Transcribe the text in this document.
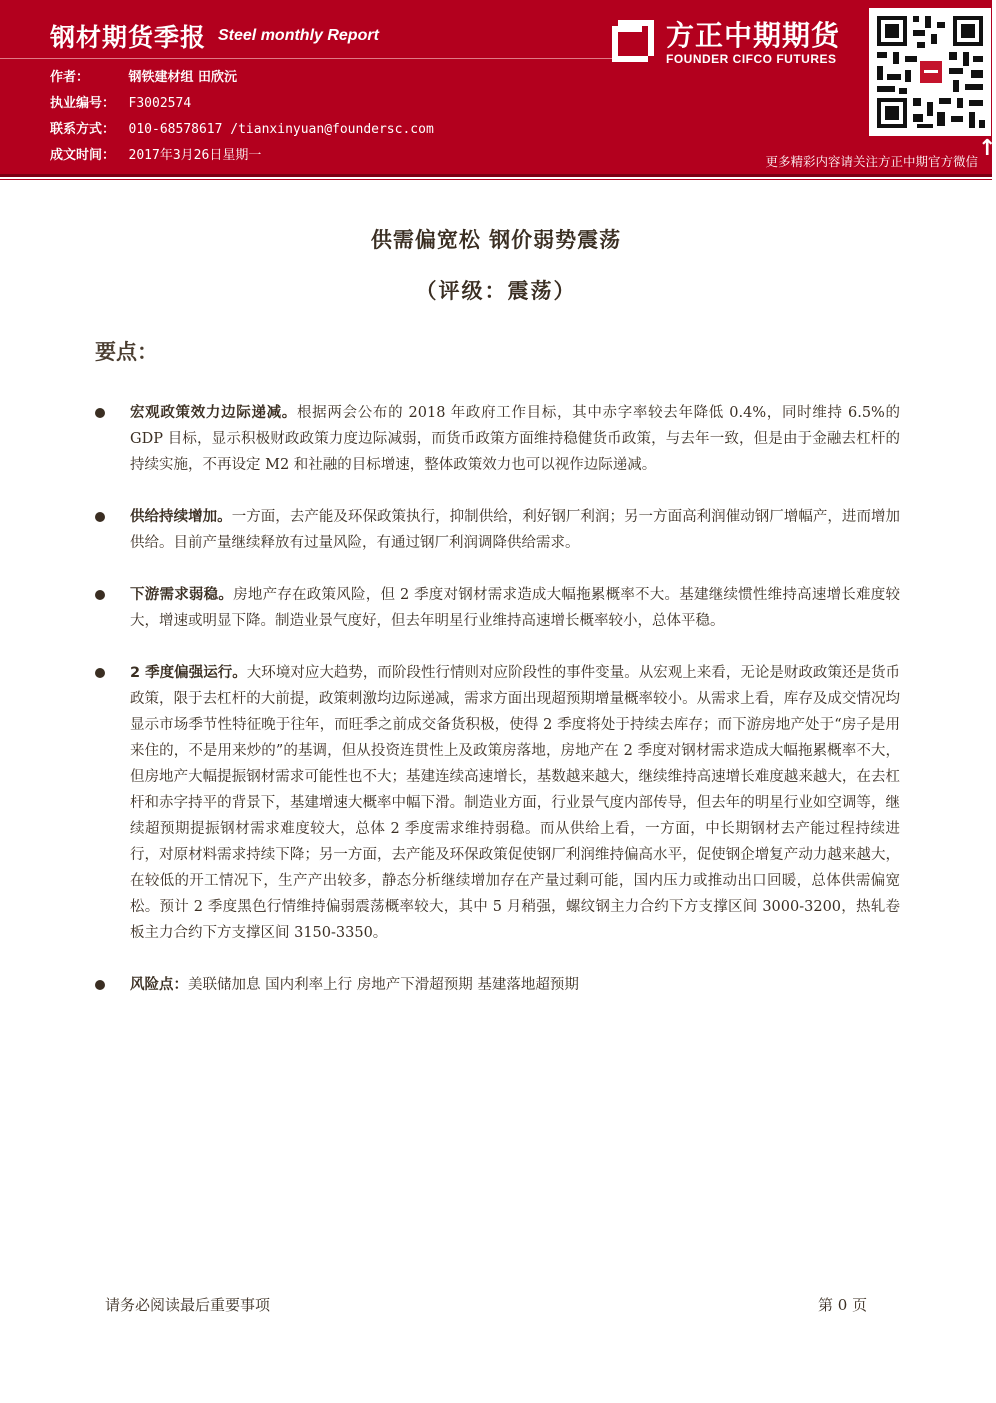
钢材期货季报 Steel monthly Report
作者：	钢铁建材组 田欣沅
执业编号： F3002574
联系方式： 010-68578617 /tianxinyuan@foundersc.com
成文时间： 2017年3月26日星期一
方正中期期货
FOUNDER CIFCO FUTURES
↑
更多精彩内容请关注方正中期官方微信
供需偏宽松 钢价弱势震荡
（评级：震荡）
要点：
宏观政策效力边际递减。根据两会公布的 2018 年政府工作目标，其中赤字率较去年降低 0.4%，同时维持 6.5%的 GDP 目标，显示积极财政政策力度边际减弱，而货币政策方面维持稳健货币政策，与去年一致，但是由于金融去杠杆的持续实施，不再设定 M2 和社融的目标增速，整体政策效力也可以视作边际递减。
供给持续增加。一方面，去产能及环保政策执行，抑制供给，利好钢厂利润；另一方面高利润催动钢厂增幅产，进而增加供给。目前产量继续释放有过量风险，有通过钢厂利润调降供给需求。
下游需求弱稳。房地产存在政策风险，但 2 季度对钢材需求造成大幅拖累概率不大。基建继续惯性维持高速增长难度较大，增速或明显下降。制造业景气度好，但去年明星行业维持高速增长概率较小，总体平稳。
2 季度偏强运行。大环境对应大趋势，而阶段性行情则对应阶段性的事件变量。从宏观上来看，无论是财政政策还是货币政策，限于去杠杆的大前提，政策刺激均边际递减，需求方面出现超预期增量概率较小。从需求上看，库存及成交情况均显示市场季节性特征晚于往年，而旺季之前成交备货积极，使得 2 季度将处于持续去库存；而下游房地产处于“房子是用来住的，不是用来炒的”的基调，但从投资连贯性上及政策房落地，房地产在 2 季度对钢材需求造成大幅拖累概率不大，但房地产大幅提振钢材需求可能性也不大；基建连续高速增长，基数越来越大，继续维持高速增长难度越来越大，在去杠杆和赤字持平的背景下，基建增速大概率中幅下滑。制造业方面，行业景气度内部传导，但去年的明星行业如空调等，继续超预期提振钢材需求难度较大，总体 2 季度需求维持弱稳。而从供给上看，一方面，中长期钢材去产能过程持续进行，对原材料需求持续下降；另一方面，去产能及环保政策促使钢厂利润维持偏高水平，促使钢企增复产动力越来越大，在较低的开工情况下，生产产出较多，静态分析继续增加存在产量过剩可能，国内压力或推动出口回暖，总体供需偏宽松。预计 2 季度黑色行情维持偏弱震荡概率较大，其中 5 月稍强，螺纹钢主力合约下方支撑区间 3000-3200，热轧卷板主力合约下方支撑区间 3150-3350。
风险点：美联储加息 国内利率上行 房地产下滑超预期 基建落地超预期
请务必阅读最后重要事项	第 0 页
